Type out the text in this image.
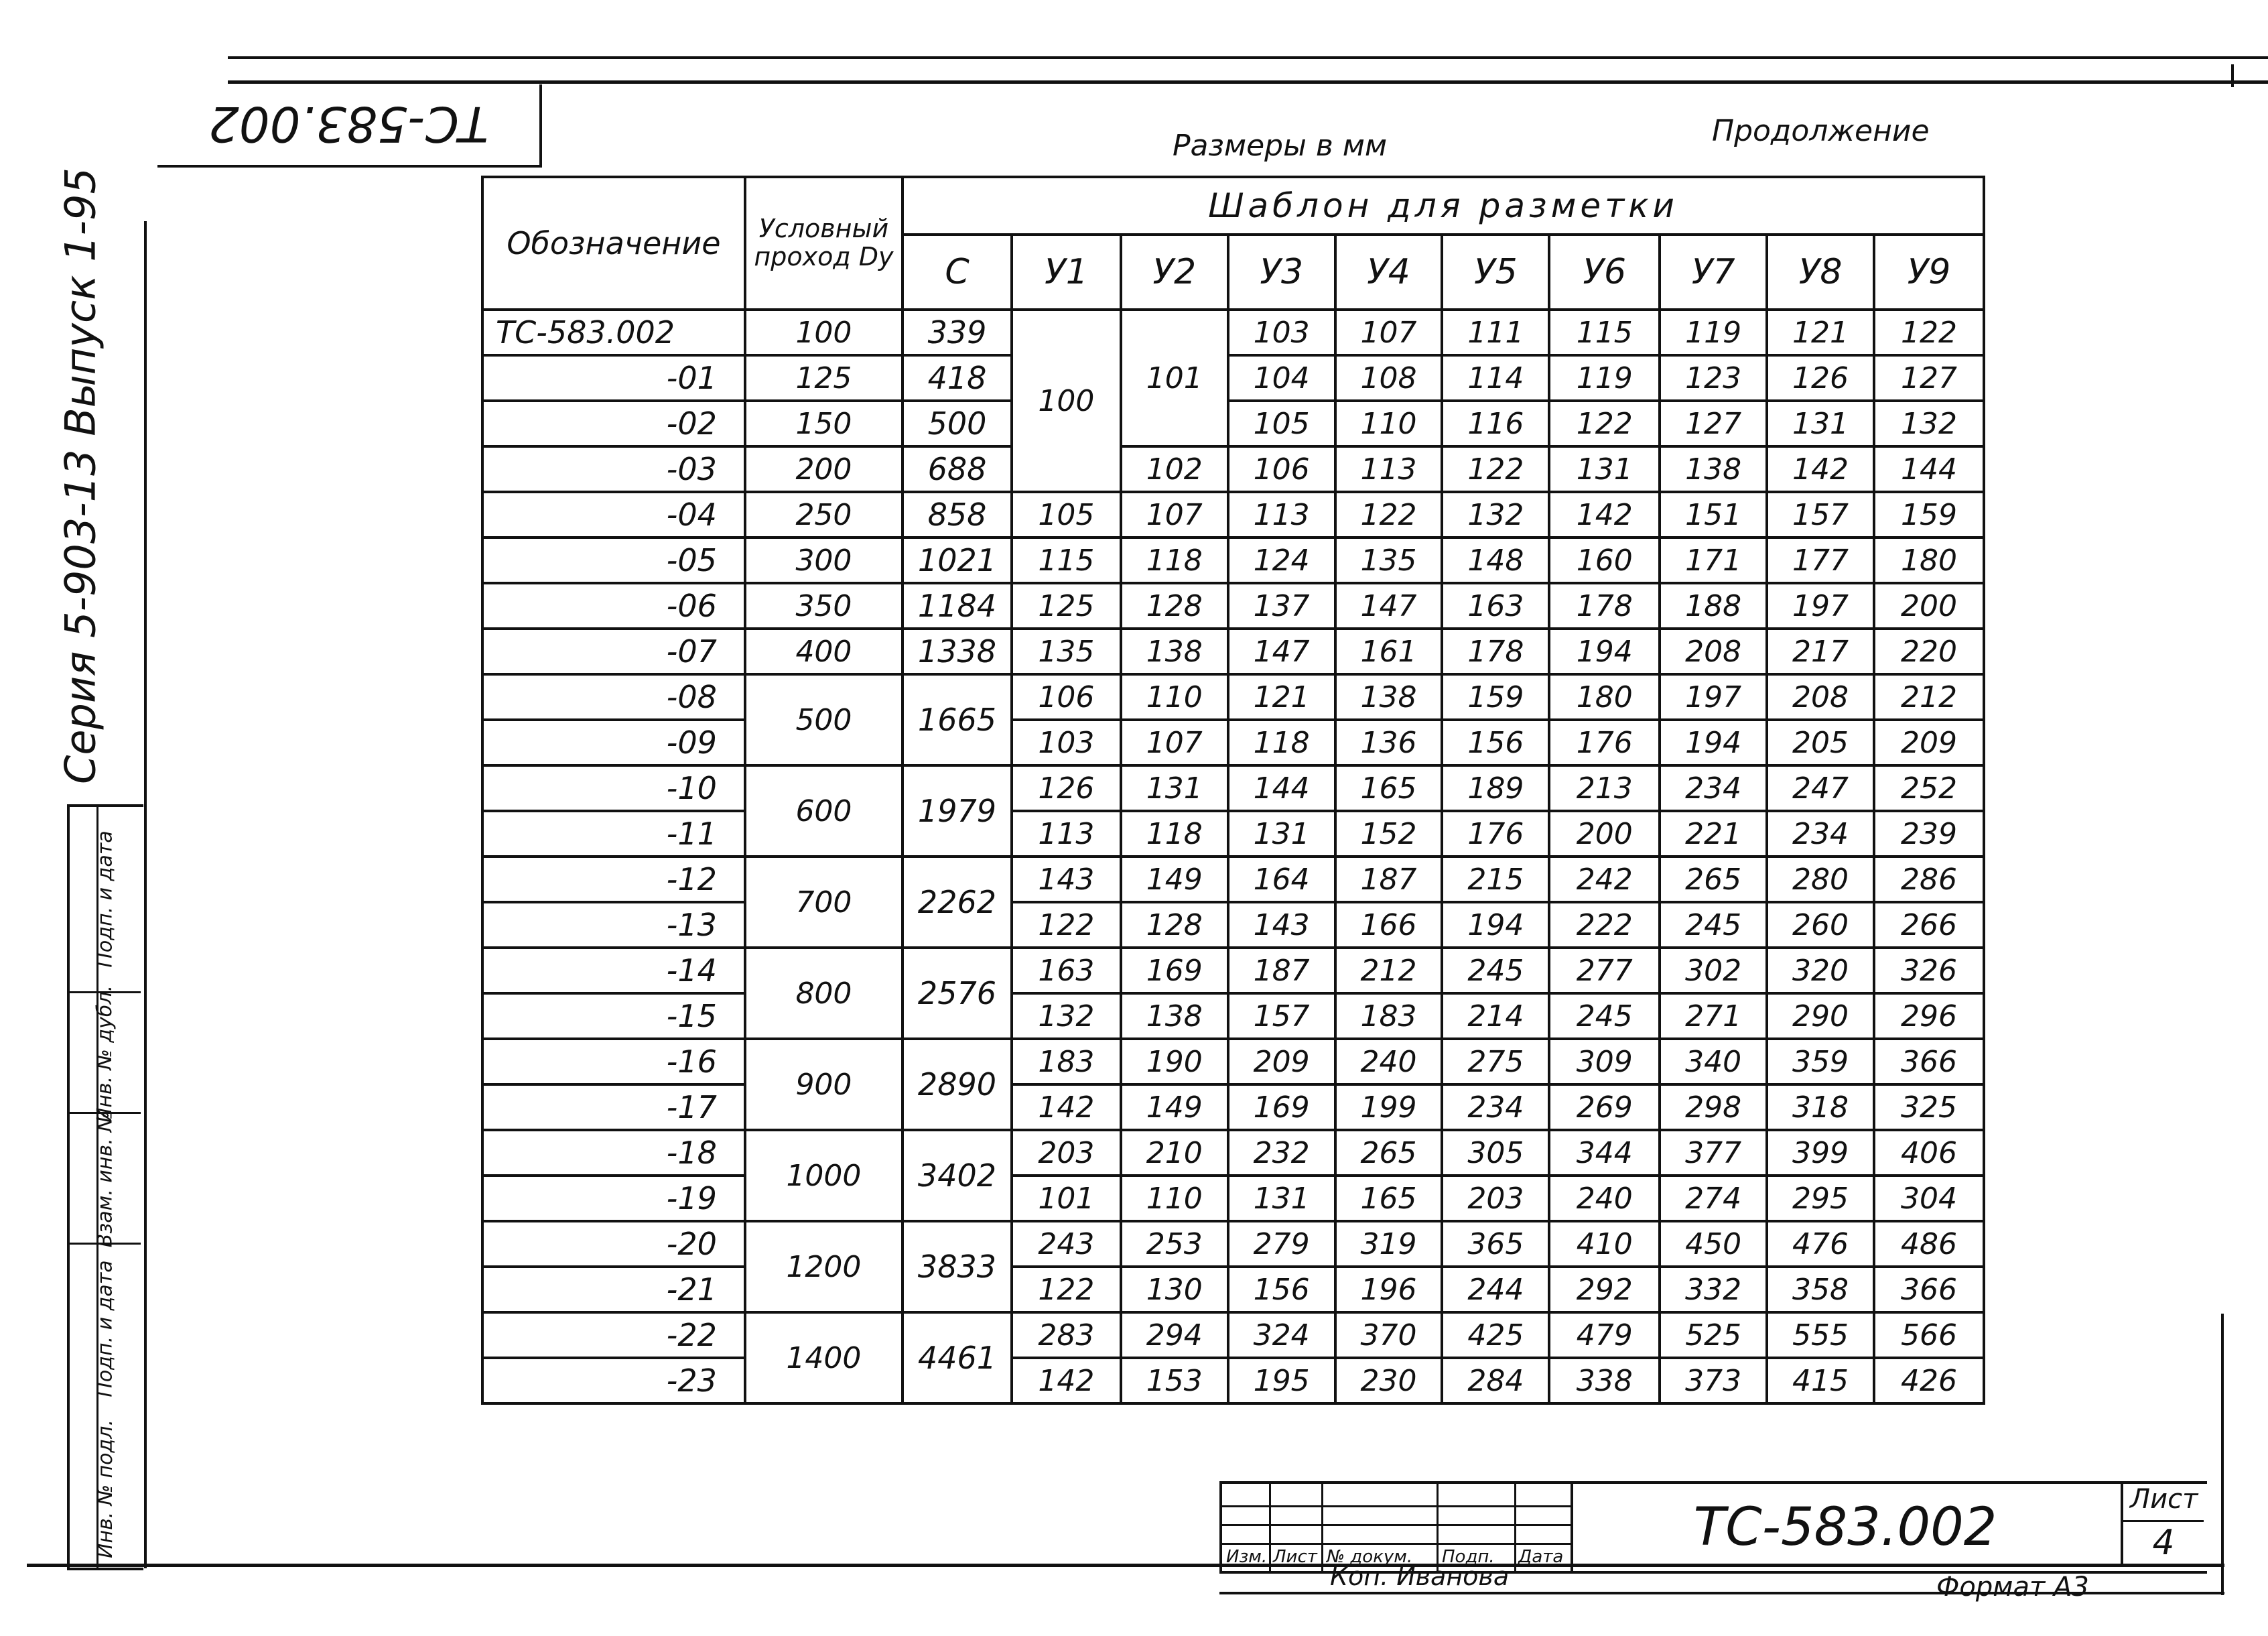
ТС-583.002
Серия 5-903-13 Выпуск 1-95
Инв. № подл.
Подп. и дата
Взам. инв. №
Инв. № дубл.
Подп. и дата
Размеры в мм	Продолжение
Обозначение	Условный проход Dy	Шаблон для разметки									
		С	У1	У2	У3	У4	У5	У6	У7	У8	У9
ТС-583.002	100	339	100	101	103	107	111	115	119	121	122
-01	125	418			104	108	114	119	123	126	127
-02	150	500			105	110	116	122	127	131	132
-03	200	688		102	106	113	122	131	138	142	144
-04	250	858	105	107	113	122	132	142	151	157	159
-05	300	1021	115	118	124	135	148	160	171	177	180
-06	350	1184	125	128	137	147	163	178	188	197	200
-07	400	1338	135	138	147	161	178	194	208	217	220
-08	500	1665	106	110	121	138	159	180	197	208	212
-09			103	107	118	136	156	176	194	205	209
-10	600	1979	126	131	144	165	189	213	234	247	252
-11			113	118	131	152	176	200	221	234	239
-12	700	2262	143	149	164	187	215	242	265	280	286
-13			122	128	143	166	194	222	245	260	266
-14	800	2576	163	169	187	212	245	277	302	320	326
-15			132	138	157	183	214	245	271	290	296
-16	900	2890	183	190	209	240	275	309	340	359	366
-17			142	149	169	199	234	269	298	318	325
-18	1000	3402	203	210	232	265	305	344	377	399	406
-19			101	110	131	165	203	240	274	295	304
-20	1200	3833	243	253	279	319	365	410	450	476	486
-21			122	130	156	196	244	292	332	358	366
-22	1400	4461	283	294	324	370	425	479	525	555	566
-23			142	153	195	230	284	338	373	415	426
Изм. Лист № докум. Подп. Дата	ТС-583.002	Лист
4
Коп. Иванова	Формат А3
